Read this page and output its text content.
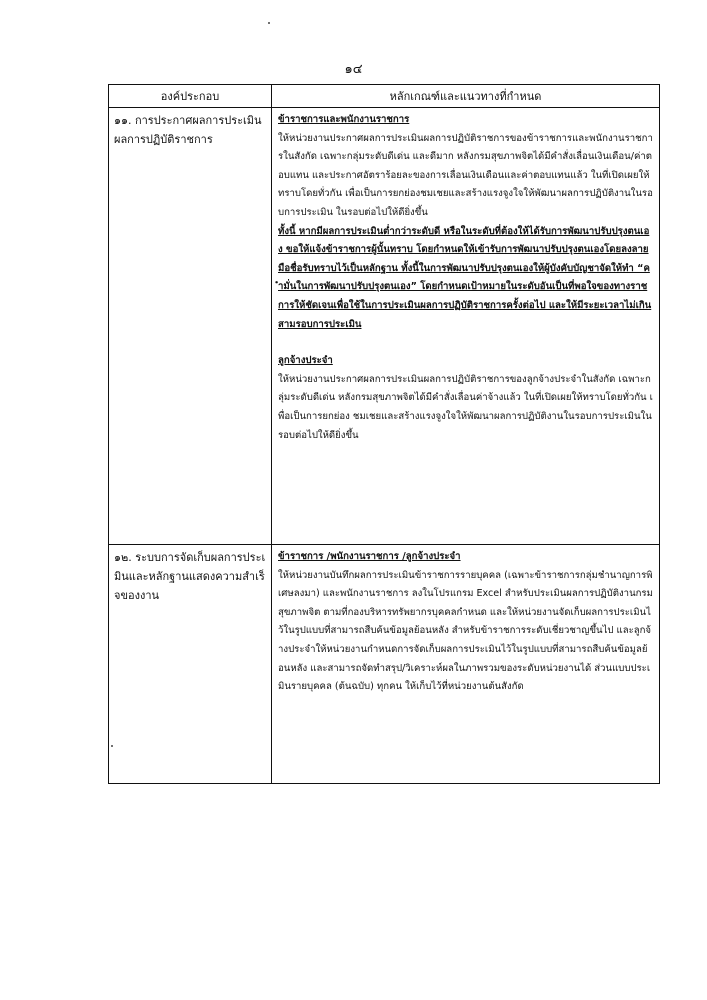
๑๔
องค์ประกอบ	หลักเกณฑ์และแนวทางที่กำหนด
๑๑. การประกาศผลการประเมินผลการปฏิบัติราชการ	ข้าราชการและพนักงานราชการ

ให้หน่วยงานประกาศผลการประเมินผลการปฏิบัติราชการของข้าราชการและพนักงานราชการในสังกัด เฉพาะกลุ่มระดับดีเด่น และดีมาก หลังกรมสุขภาพจิตได้มีคำสั่งเลื่อนเงินเดือน/ค่าตอบแทน และประกาศอัตราร้อยละของการเลื่อนเงินเดือนและค่าตอบแทนแล้ว ในที่เปิดเผยให้ทราบโดยทั่วกัน เพื่อเป็นการยกย่องชมเชยและสร้างแรงจูงใจให้พัฒนาผลการปฏิบัติงานในรอบการประเมิน ในรอบต่อไปให้ดียิ่งขึ้น

ทั้งนี้ หากมีผลการประเมินต่ำกว่าระดับดี หรือในระดับที่ต้องให้ได้รับการพัฒนาปรับปรุงตนเอง ขอให้แจ้งข้าราชการผู้นั้นทราบ โดยกำหนดให้เข้ารับการพัฒนาปรับปรุงตนเองโดยลงลายมือชื่อรับทราบไว้เป็นหลักฐาน ทั้งนี้ในการพัฒนาปรับปรุงตนเองให้ผู้บังคับบัญชาจัดให้ทำ “คำมั่นในการพัฒนาปรับปรุงตนเอง” โดยกำหนดเป้าหมายในระดับอันเป็นที่พอใจของทางราชการให้ชัดเจนเพื่อใช้ในการประเมินผลการปฏิบัติราชการครั้งต่อไป และให้มีระยะเวลาไม่เกินสามรอบการประเมิน

ลูกจ้างประจำ

ให้หน่วยงานประกาศผลการประเมินผลการปฏิบัติราชการของลูกจ้างประจำในสังกัด เฉพาะกลุ่มระดับดีเด่น หลังกรมสุขภาพจิตได้มีคำสั่งเลื่อนค่าจ้างแล้ว ในที่เปิดเผยให้ทราบโดยทั่วกัน เพื่อเป็นการยกย่อง ชมเชยและสร้างแรงจูงใจให้พัฒนาผลการปฏิบัติงานในรอบการประเมินในรอบต่อไปให้ดียิ่งขึ้น

๑๒. ระบบการจัดเก็บผลการประเมินและหลักฐานแสดงความสำเร็จของงาน	ข้าราชการ /พนักงานราชการ /ลูกจ้างประจำ

ให้หน่วยงานบันทึกผลการประเมินข้าราชการรายบุคคล (เฉพาะข้าราชการกลุ่มชำนาญการพิเศษลงมา) และพนักงานราชการ ลงในโปรแกรม Excel สำหรับประเมินผลการปฏิบัติงานกรมสุขภาพจิต ตามที่กองบริหารทรัพยากรบุคคลกำหนด และให้หน่วยงานจัดเก็บผลการประเมินไว้ในรูปแบบที่สามารถสืบค้นข้อมูลย้อนหลัง สำหรับข้าราชการระดับเชี่ยวชาญขึ้นไป และลูกจ้างประจำให้หน่วยงานกำหนดการจัดเก็บผลการประเมินไว้ในรูปแบบที่สามารถสืบค้นข้อมูลย้อนหลัง และสามารถจัดทำสรุป/วิเคราะห์ผลในภาพรวมของระดับหน่วยงานได้ ส่วนแบบประเมินรายบุคคล (ต้นฉบับ) ทุกคน ให้เก็บไว้ที่หน่วยงานต้นสังกัด
